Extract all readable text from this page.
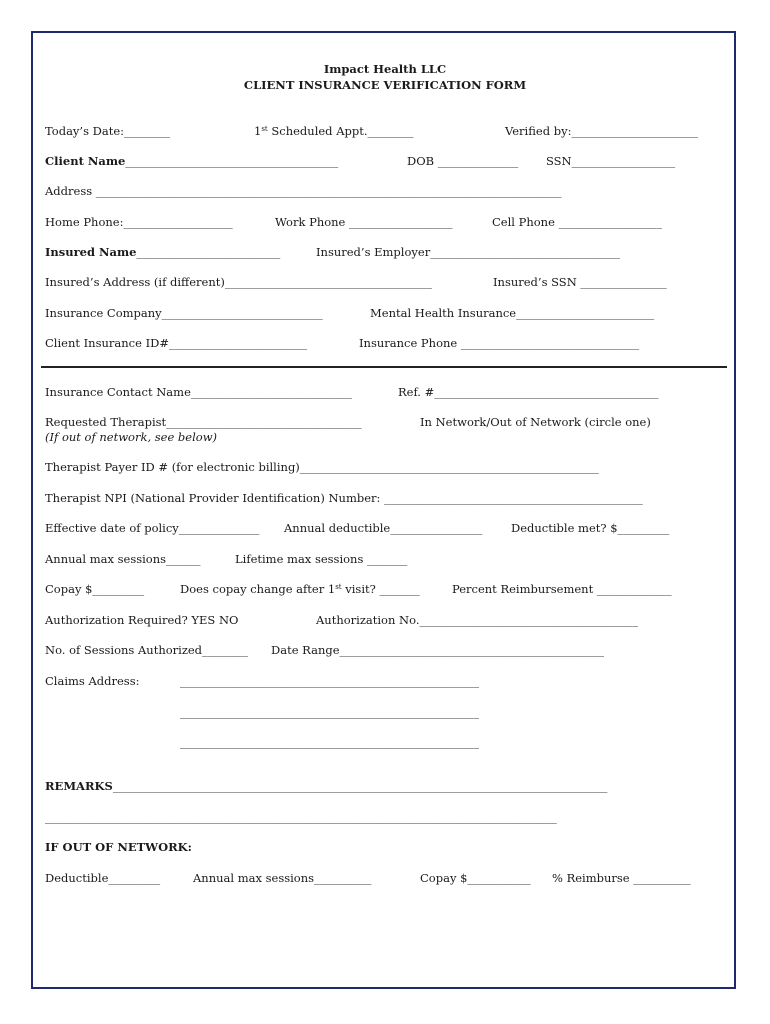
Impact Health LLC
CLIENT INSURANCE VERIFICATION FORM
Today’s Date:________	1st Scheduled Appt.________	Verified by:______________________
Client Name_____________________________________	DOB ______________ SSN__________________
Address _________________________________________________________________________________
Home Phone:___________________	Work Phone __________________	Cell Phone __________________
Insured Name_________________________	Insured’s Employer_________________________________
Insured’s Address (if different)____________________________________	Insured’s SSN _______________
Insurance Company____________________________	Mental Health Insurance________________________
Client Insurance ID#________________________	Insurance Phone _______________________________
Insurance Contact Name____________________________	Ref. #_______________________________________
Requested Therapist__________________________________	In Network/Out of Network (circle one)
(If out of network, see below)
Therapist Payer ID # (for electronic billing)____________________________________________________
Therapist NPI (National Provider Identification) Number: _____________________________________________
Effective date of policy______________ Annual deductible________________	Deductible met? $_________
Annual max sessions______	Lifetime max sessions _______
Copay $_________	Does copay change after 1st visit? _______	Percent Reimbursement _____________
Authorization Required? YES NO	Authorization No.______________________________________
No. of Sessions Authorized________ Date Range______________________________________________
Claims Address:	____________________________________________________
____________________________________________________
____________________________________________________
REMARKS______________________________________________________________________________________
_________________________________________________________________________________________
IF OUT OF NETWORK:
Deductible_________	Annual max sessions__________	Copay $___________ % Reimburse __________
